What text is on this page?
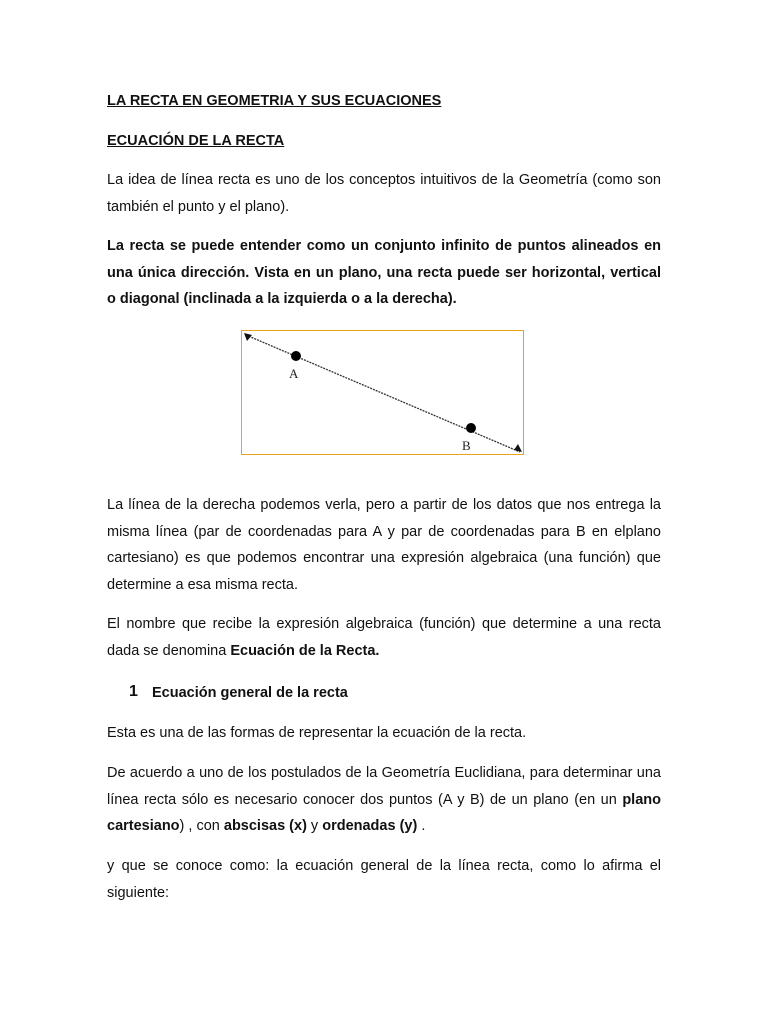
LA RECTA EN GEOMETRIA Y SUS ECUACIONES
ECUACIÓN DE LA RECTA

La idea de línea recta es uno de los conceptos intuitivos de la Geometría (como son también el punto y el plano).

La recta se puede entender como un conjunto infinito de puntos alineados en una única dirección. Vista en un plano, una recta puede ser horizontal, vertical o diagonal (inclinada a la izquierda o a la derecha).

A
B

La línea de la derecha podemos verla, pero a partir de los datos que nos entrega la misma línea (par de coordenadas para A y par de coordenadas para B en elplano cartesiano) es que podemos encontrar una expresión algebraica (una función) que determine a esa misma recta.

El nombre que recibe la expresión algebraica (función) que determine a una recta dada se denomina Ecuación de la Recta.

1 Ecuación general de la recta

Esta es una de las formas de representar la ecuación de la recta.

De acuerdo a uno de los postulados de la Geometría Euclidiana, para determinar una línea recta sólo es necesario conocer dos puntos (A y B) de un plano (en un plano cartesiano) , con abscisas (x) y ordenadas (y) .

y que se conoce como: la ecuación general de la línea recta, como lo afirma el siguiente:
